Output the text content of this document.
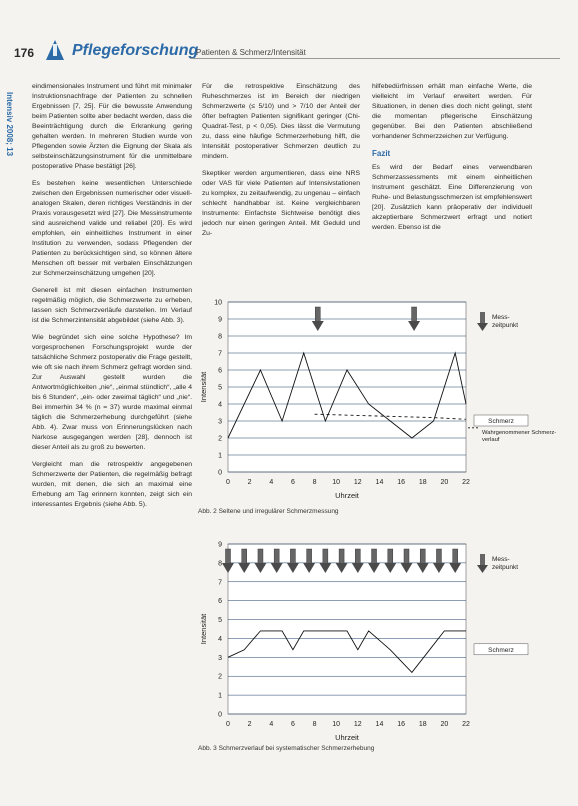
176 Pflegeforschung
Patienten & Schmerz/Intensität
Intensiv 2008; 13

eindimensionales Instrument und führt mit minimaler Instruktionsnachfrage der Patienten zu schnellen Ergebnissen [7, 25]. Für die bewusste Anwendung beim Patienten sollte aber bedacht werden, dass die Beeinträchtigung durch die Erkrankung gering gehalten werden. In mehreren Studien wurde von Pflegenden sowie Ärzten die Eignung der Skala als selbsteinschätzungsinstrument für die unmittelbare postoperative Phase bestätigt [26].

Es bestehen keine wesentlichen Unterschiede zwischen den Ergebnissen numerischer oder visuell-analogen Skalen, deren richtiges Verständnis in der Praxis vorausgesetzt wird [27]. Die Messinstrumente sind ausreichend valide und reliabel [20]. Es wird empfohlen, ein einheitliches Instrument in einer Institution zu verwenden, sodass Pflegenden der Patienten zu berücksichtigen sind, so können ältere Menschen oft besser mit verbalen Einschätzungen zur Schmerzeinschätzung umgehen [20].

Generell ist mit diesen einfachen Instrumenten regelmäßig möglich, die Schmerzwerte zu erheben, lassen sich Schmerzverläufe darstellen. Im Verlauf ist die Schmerzintensität abgebildet (siehe Abb. 3).

Wie begründet sich eine solche Hypothese? Im vorgesprochenen Forschungsprojekt wurde der tatsächliche Schmerz postoperativ die Frage gestellt, wie oft sie nach ihrem Schmerz gefragt worden sind. Zur Auswahl gestellt wurden die Antwortmöglichkeiten „nie“, „einmal stündlich“, „alle 4 bis 6 Stunden“, „ein- oder zweimal täglich“ und „nie“. Bei immerhin 34 % (n = 37) wurde maximal einmal täglich die Schmerzerhebung durchgeführt (siehe Abb. 4). Zwar muss von Erinnerungslücken nach Narkose ausgegangen werden [28], dennoch ist dieser Anteil als zu groß zu bewerten.

Vergleicht man die retrospektiv angegebenen Schmerzwerte der Patienten, die regelmäßig befragt wurden, mit denen, die sich an maximal eine Erhebung am Tag erinnern konnten, zeigt sich ein interessantes Ergebnis (siehe Abb. 5).

Für die retrospektive Einschätzung des Ruheschmerzes ist im Bereich der niedrigen Schmerzwerte (≤ 5/10) und > 7/10 der Anteil der öfter befragten Patienten signifikant geringer (Chi-Quadrat-Test, p < 0,05). Dies lässt die Vermutung zu, dass eine häufige Schmerzerhebung hilft, die Intensität postoperativer Schmerzen deutlich zu mindern.

Skeptiker werden argumentieren, dass eine NRS oder VAS für viele Patienten auf Intensivstationen zu komplex, zu zeitaufwendig, zu ungenau – einfach schlecht handhabbar ist. Keine vergleichbaren Instrumente: Einfachste Sichtweise benötigt dies jedoch nur einen geringen Anteil. Mit Geduld und Zu-

hilfebedürfnissen erhält man einfache Werte, die vielleicht im Verlauf erweitert werden. Für Situationen, in denen dies doch nicht gelingt, steht die momentan pflegerische Einschätzung gegenüber. Bei den Patienten abschließend vorhandener Schmerzzeichen zur Verfügung.

Fazit

Es wird der Bedarf eines verwendbaren Schmerzassessments mit einem einheitlichen Instrument geschätzt. Eine Differenzierung von Ruhe- und Belastungsschmerzen ist empfehlenswert [20]. Zusätzlich kann präoperativ der individuell akzeptierbare Schmerzwert erfragt und notiert werden. Ebenso ist die

0
1
2
3
4
5
6
7
8
9
10
0	2	4	6	8 10 12 14 16 18 20 22
Uhrzeit
Intensität
Mess-
zeitpunkt
Schmerz
Wahrgenommener Schmerz-
verlauf
Abb. 2 Seltene und irregulärer Schmerzmessung
0
1
2
3
4
5
6
7
8
9
0	2	4	6	8 10 12 14 16 18 20 22
Uhrzeit
Intensität
Mess-
zeitpunkt
Schmerz
Abb. 3 Schmerzverlauf bei systematischer Schmerzerhebung
